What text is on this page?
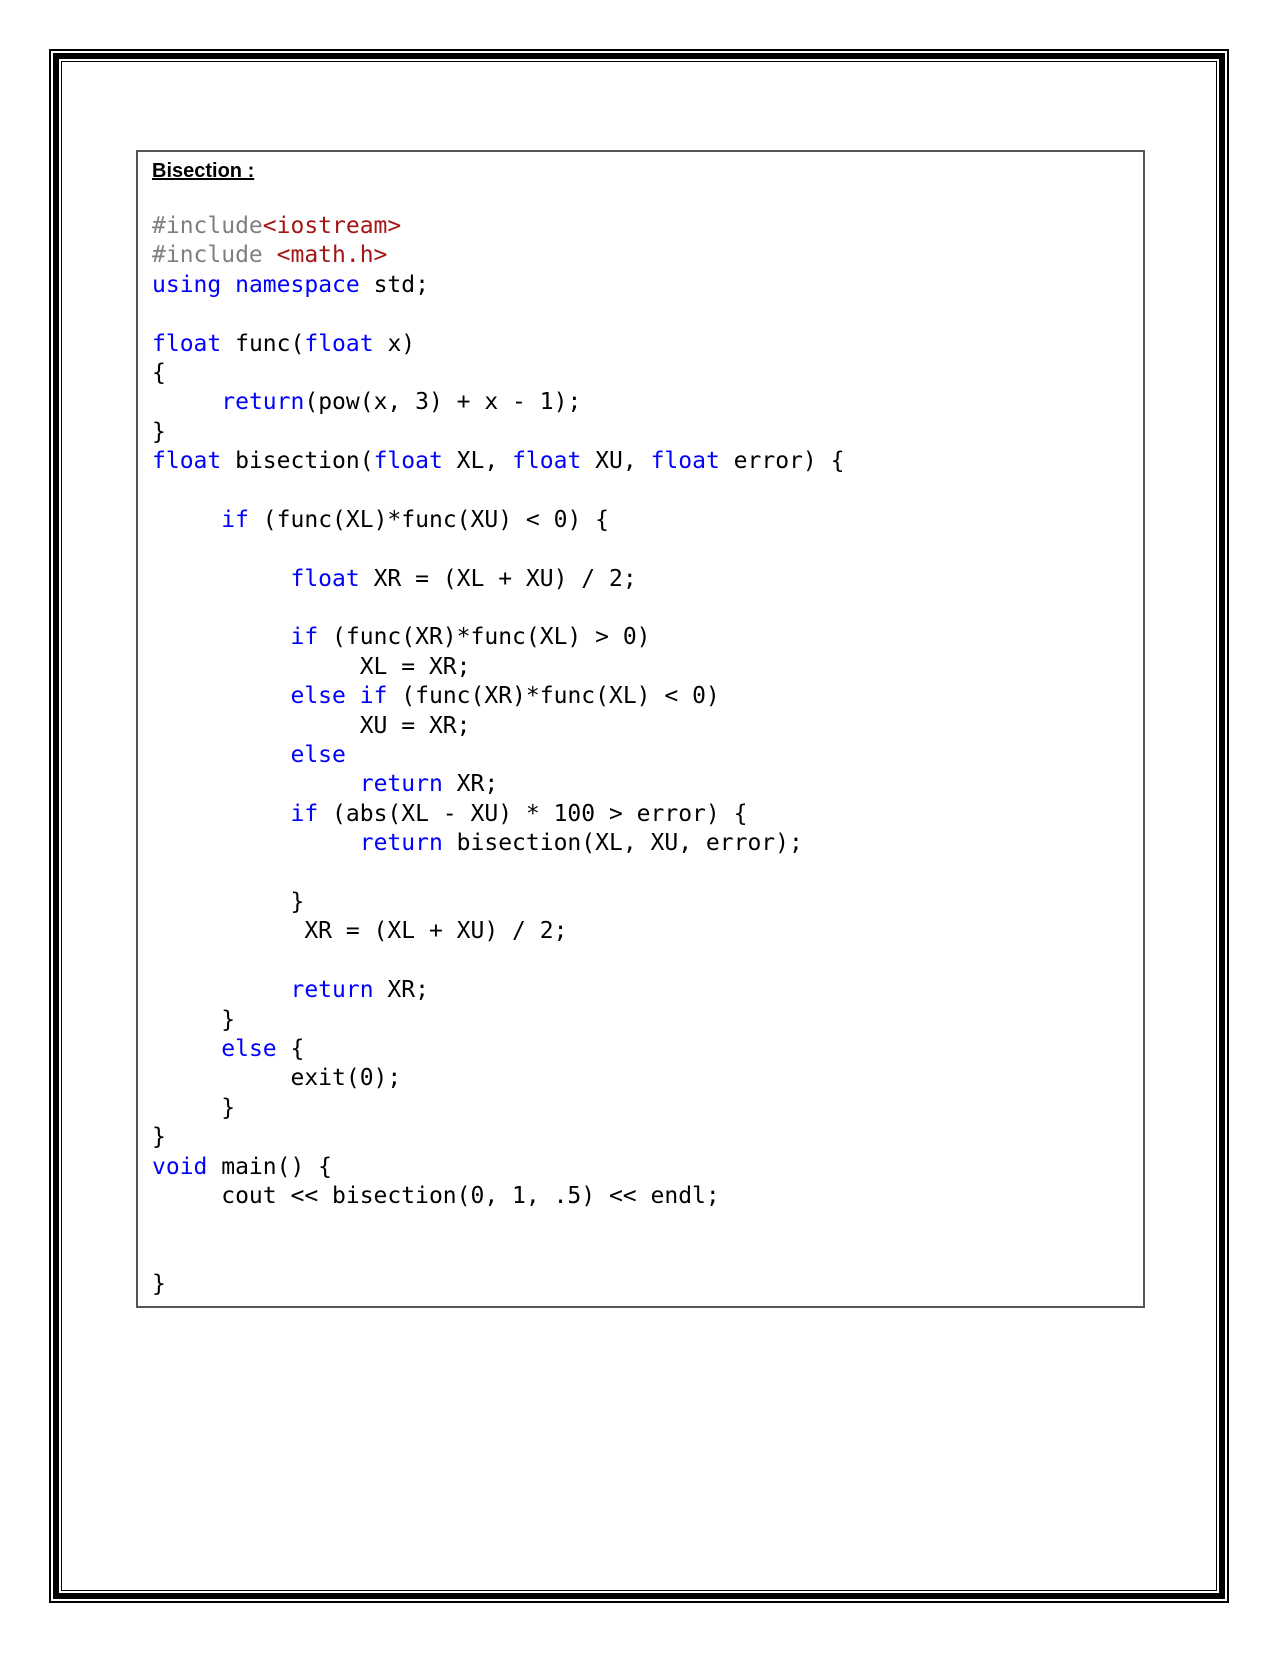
Bisection :
#include<iostream>
#include <math.h>
using namespace std;

float func(float x)
{
return(pow(x, 3) + x - 1);
}
float bisection(float XL, float XU, float error) {

if (func(XL)*func(XU) < 0) {

float XR = (XL + XU) / 2;

if (func(XR)*func(XL) > 0)
XL = XR;
else if (func(XR)*func(XL) < 0)
XU = XR;
else
return XR;
if (abs(XL - XU) * 100 > error) {
return bisection(XL, XU, error);

}
XR = (XL + XU) / 2;

return XR;
}
else {
exit(0);
}
}
void main() {
cout << bisection(0, 1, .5) << endl;

}
